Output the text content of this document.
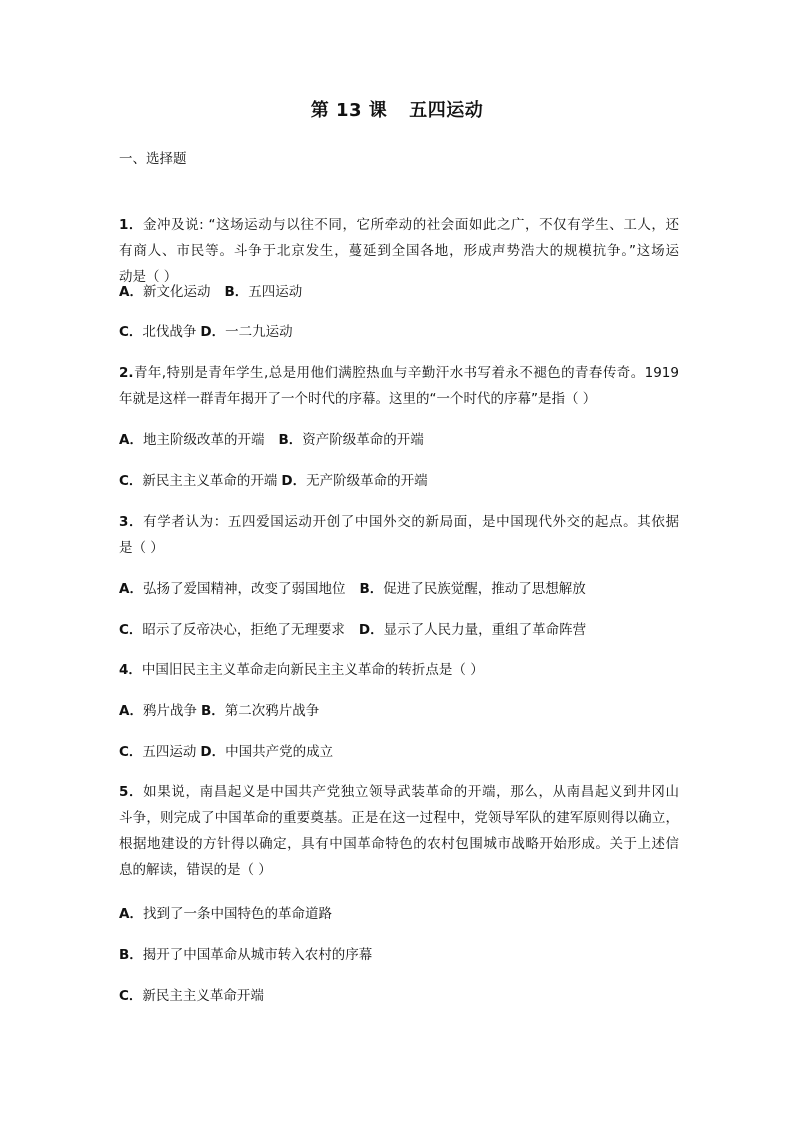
第 13 课 五四运动
一、选择题
1．金冲及说: “这场运动与以往不同，它所牵动的社会面如此之广，不仅有学生、工人，还
有商人、市民等。斗争于北京发生，蔓延到全国各地，形成声势浩大的规模抗争。”这场运
动是（ ）
A．新文化运动 B．五四运动
C．北伐战争 D．一二九运动
2.青年,特别是青年学生,总是用他们满腔热血与辛勤汗水书写着永不褪色的青春传奇。1919
年就是这样一群青年揭开了一个时代的序幕。这里的“一个时代的序幕”是指（ ）
A．地主阶级改革的开端 B．资产阶级革命的开端
C．新民主主义革命的开端 D．无产阶级革命的开端
3．有学者认为：五四爱国运动开创了中国外交的新局面，是中国现代外交的起点。其依据
是（ ）
A．弘扬了爱国精神，改变了弱国地位 B．促进了民族觉醒，推动了思想解放
C．昭示了反帝决心，拒绝了无理要求 D．显示了人民力量，重组了革命阵营
4．中国旧民主主义革命走向新民主主义革命的转折点是（ ）
A．鸦片战争 B．第二次鸦片战争
C．五四运动 D．中国共产党的成立
5．如果说，南昌起义是中国共产党独立领导武装革命的开端，那么，从南昌起义到井冈山
斗争，则完成了中国革命的重要奠基。正是在这一过程中，党领导军队的建军原则得以确立，
根据地建设的方针得以确定，具有中国革命特色的农村包围城市战略开始形成。关于上述信
息的解读，错误的是（ ）
A．找到了一条中国特色的革命道路
B．揭开了中国革命从城市转入农村的序幕
C．新民主主义革命开端
